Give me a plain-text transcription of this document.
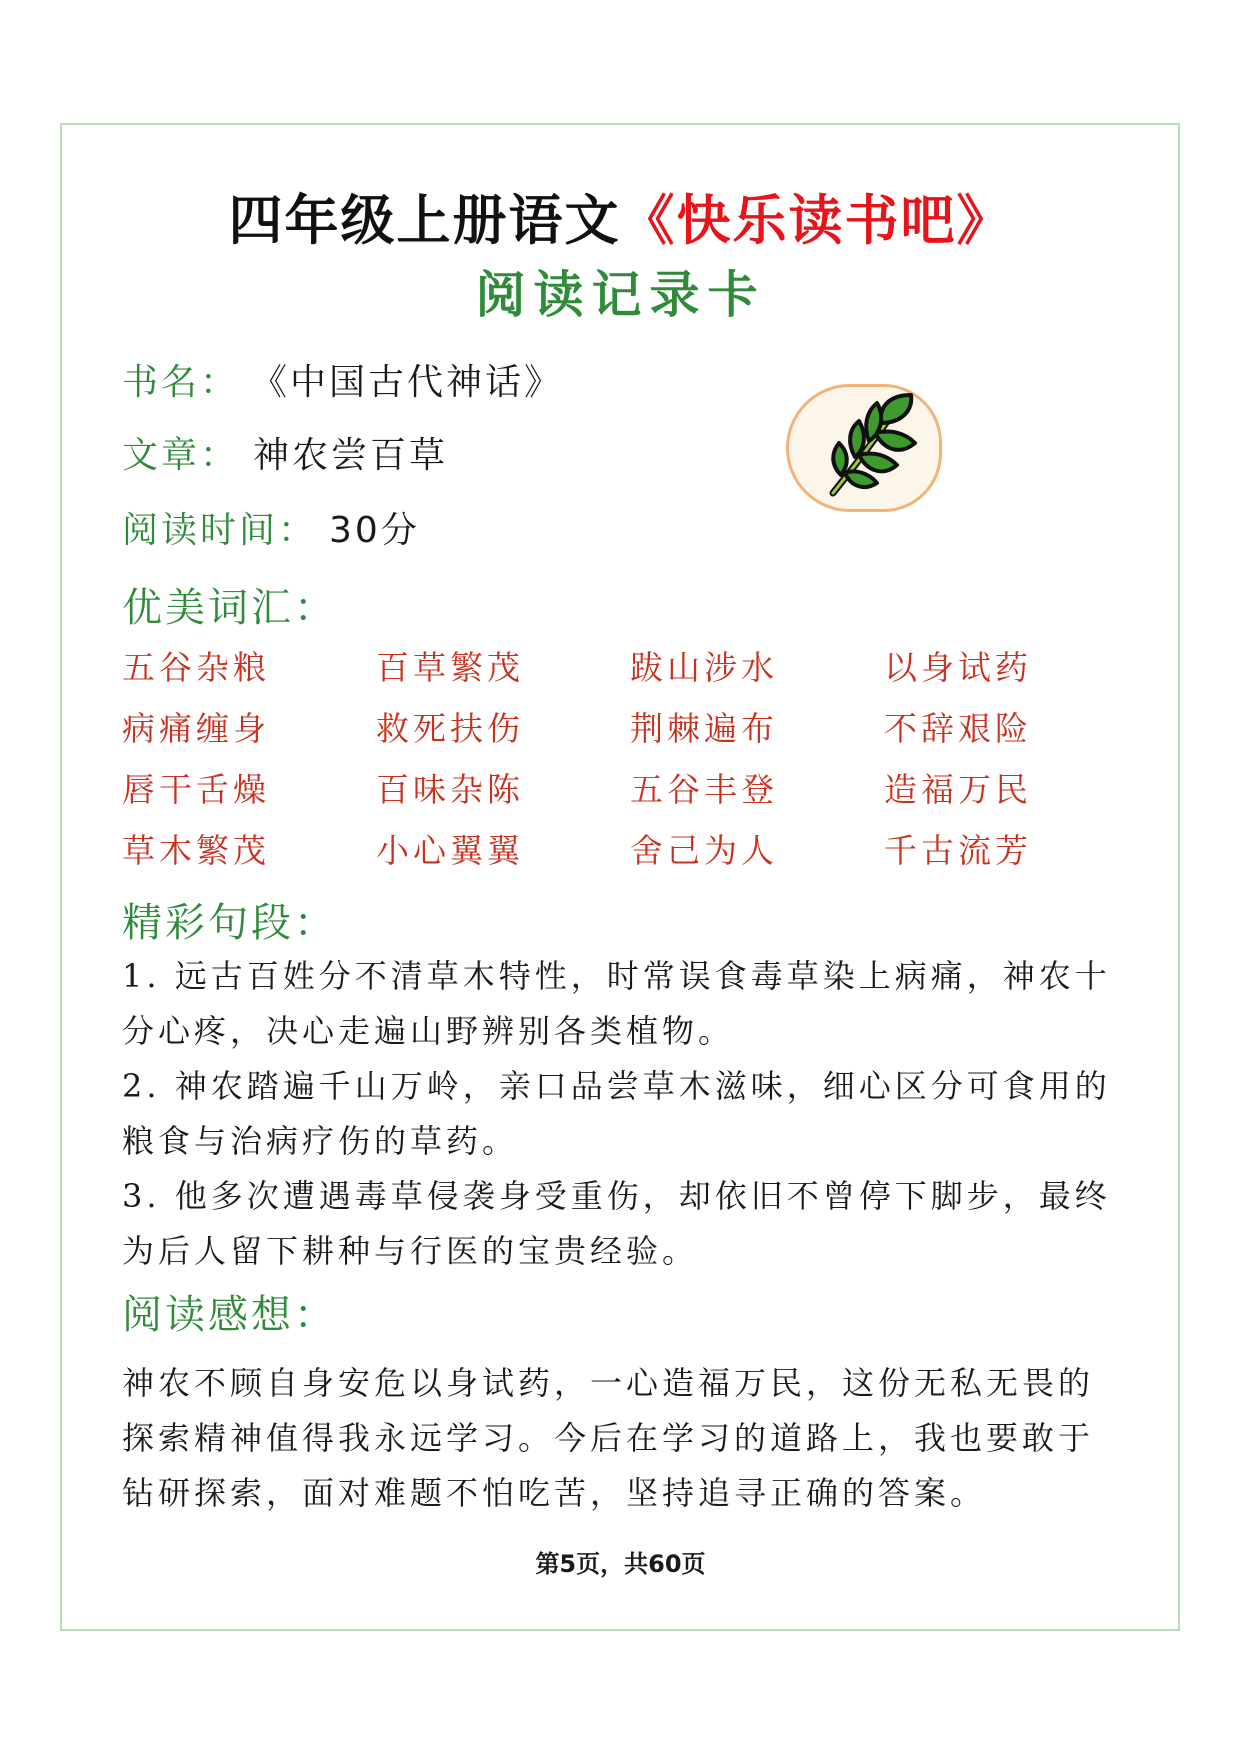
四年级上册语文《快乐读书吧》
阅读记录卡
书名： 《中国古代神话》
文章： 神农尝百草
阅读时间： 30分
优美词汇：
五谷杂粮	百草繁茂	跋山涉水	以身试药
病痛缠身	救死扶伤	荆棘遍布	不辞艰险
唇干舌燥	百味杂陈	五谷丰登	造福万民
草木繁茂	小心翼翼	舍己为人	千古流芳
精彩句段：
1. 远古百姓分不清草木特性，时常误食毒草染上病痛，神农十分心疼，决心走遍山野辨别各类植物。
2. 神农踏遍千山万岭，亲口品尝草木滋味，细心区分可食用的粮食与治病疗伤的草药。
3. 他多次遭遇毒草侵袭身受重伤，却依旧不曾停下脚步，最终为后人留下耕种与行医的宝贵经验。
阅读感想：
神农不顾自身安危以身试药，一心造福万民，这份无私无畏的探索精神值得我永远学习。今后在学习的道路上，我也要敢于钻研探索，面对难题不怕吃苦，坚持追寻正确的答案。
第5页，共60页
